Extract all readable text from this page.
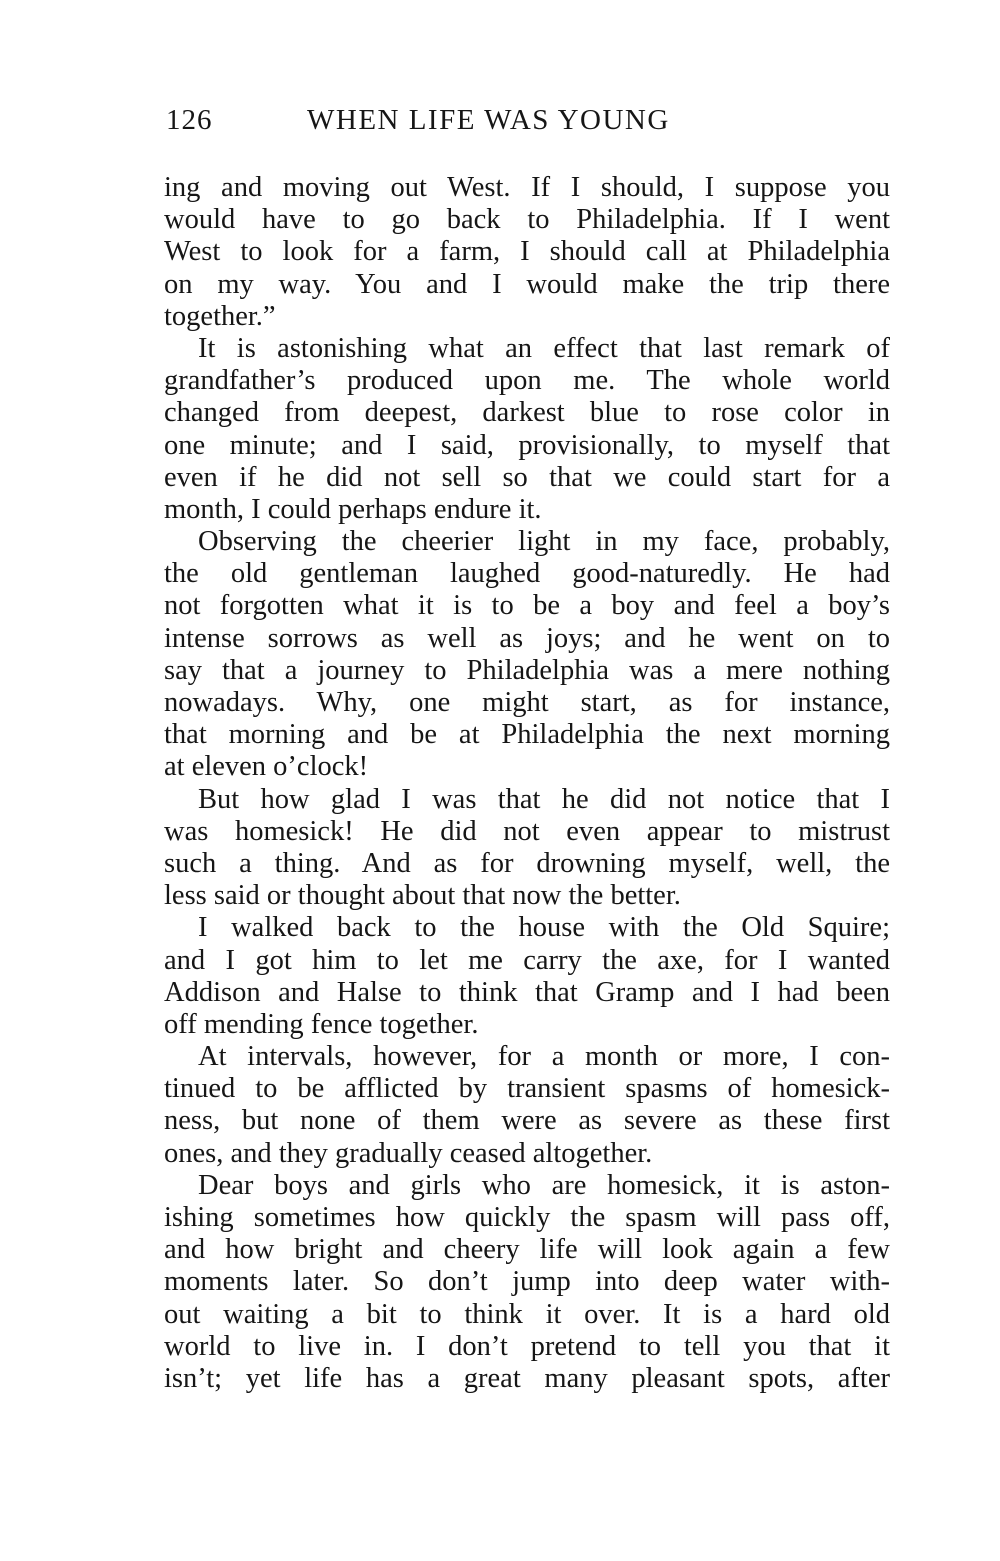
126	WHEN LIFE WAS YOUNG
ing and moving out West. If I should, I suppose you
would have to go back to Philadelphia. If I went
West to look for a farm, I should call at Philadelphia
on my way. You and I would make the trip there
together.”
It is astonishing what an effect that last remark of
grandfather’s produced upon me. The whole world
changed from deepest, darkest blue to rose color in
one minute; and I said, provisionally, to myself that
even if he did not sell so that we could start for a
month, I could perhaps endure it.
Observing the cheerier light in my face, probably,
the old gentleman laughed good-naturedly. He had
not forgotten what it is to be a boy and feel a boy’s
intense sorrows as well as joys; and he went on to
say that a journey to Philadelphia was a mere nothing
nowadays. Why, one might start, as for instance,
that morning and be at Philadelphia the next morning
at eleven o’clock!
But how glad I was that he did not notice that I
was homesick! He did not even appear to mistrust
such a thing. And as for drowning myself, well, the
less said or thought about that now the better.
I walked back to the house with the Old Squire;
and I got him to let me carry the axe, for I wanted
Addison and Halse to think that Gramp and I had been
off mending fence together.
At intervals, however, for a month or more, I con-
tinued to be afflicted by transient spasms of homesick-
ness, but none of them were as severe as these first
ones, and they gradually ceased altogether.
Dear boys and girls who are homesick, it is aston-
ishing sometimes how quickly the spasm will pass off,
and how bright and cheery life will look again a few
moments later. So don’t jump into deep water with-
out waiting a bit to think it over. It is a hard old
world to live in. I don’t pretend to tell you that it
isn’t; yet life has a great many pleasant spots, after
